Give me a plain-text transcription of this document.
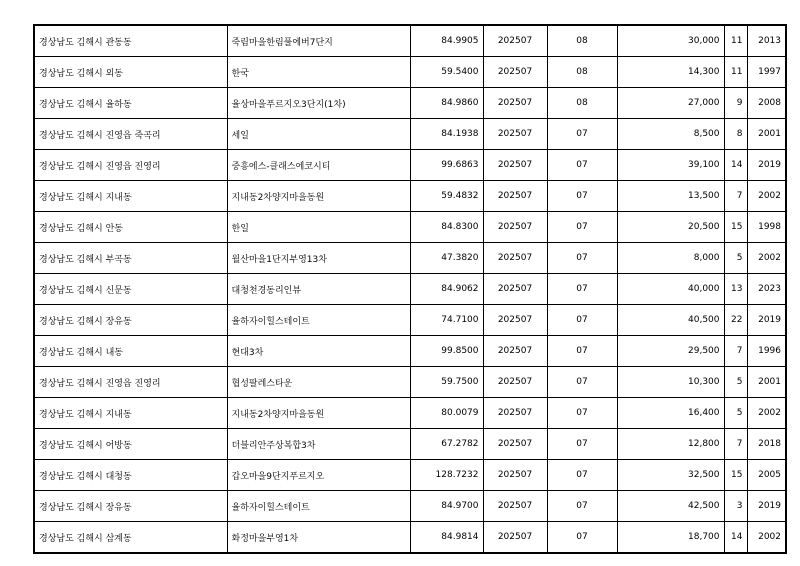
경상남도 김해시 관동동	죽림마을한림풀에버7단지	84.9905	202507	08	30,000	11	2013
경상남도 김해시 외동	한국	59.5400	202507	08	14,300	11	1997
경상남도 김해시 율하동	율상마을푸르지오3단지(1차)	84.9860	202507	08	27,000	9	2008
경상남도 김해시 진영읍 죽곡리	세일	84.1938	202507	07	8,500	8	2001
경상남도 김해시 진영읍 진영리	중흥에스-클래스에코시티	99.6863	202507	07	39,100	14	2019
경상남도 김해시 지내동	지내동2차양지마을동원	59.4832	202507	07	13,500	7	2002
경상남도 김해시 안동	한일	84.8300	202507	07	20,500	15	1998
경상남도 김해시 부곡동	월산마을1단지부영13차	47.3820	202507	07	8,000	5	2002
경상남도 김해시 신문동	대청천경동리인뷰	84.9062	202507	07	40,000	13	2023
경상남도 김해시 장유동	율하자이힐스테이트	74.7100	202507	07	40,500	22	2019
경상남도 김해시 내동	현대3차	99.8500	202507	07	29,500	7	1996
경상남도 김해시 진영읍 진영리	협성팔레스타운	59.7500	202507	07	10,300	5	2001
경상남도 김해시 지내동	지내동2차양지마을동원	80.0079	202507	07	16,400	5	2002
경상남도 김해시 어방동	더블리안주상복합3차	67.2782	202507	07	12,800	7	2018
경상남도 김해시 대청동	갑오마을9단지푸르지오	128.7232	202507	07	32,500	15	2005
경상남도 김해시 장유동	율하자이힐스테이트	84.9700	202507	07	42,500	3	2019
경상남도 김해시 삼계동	화정마을부영1차	84.9814	202507	07	18,700	14	2002
